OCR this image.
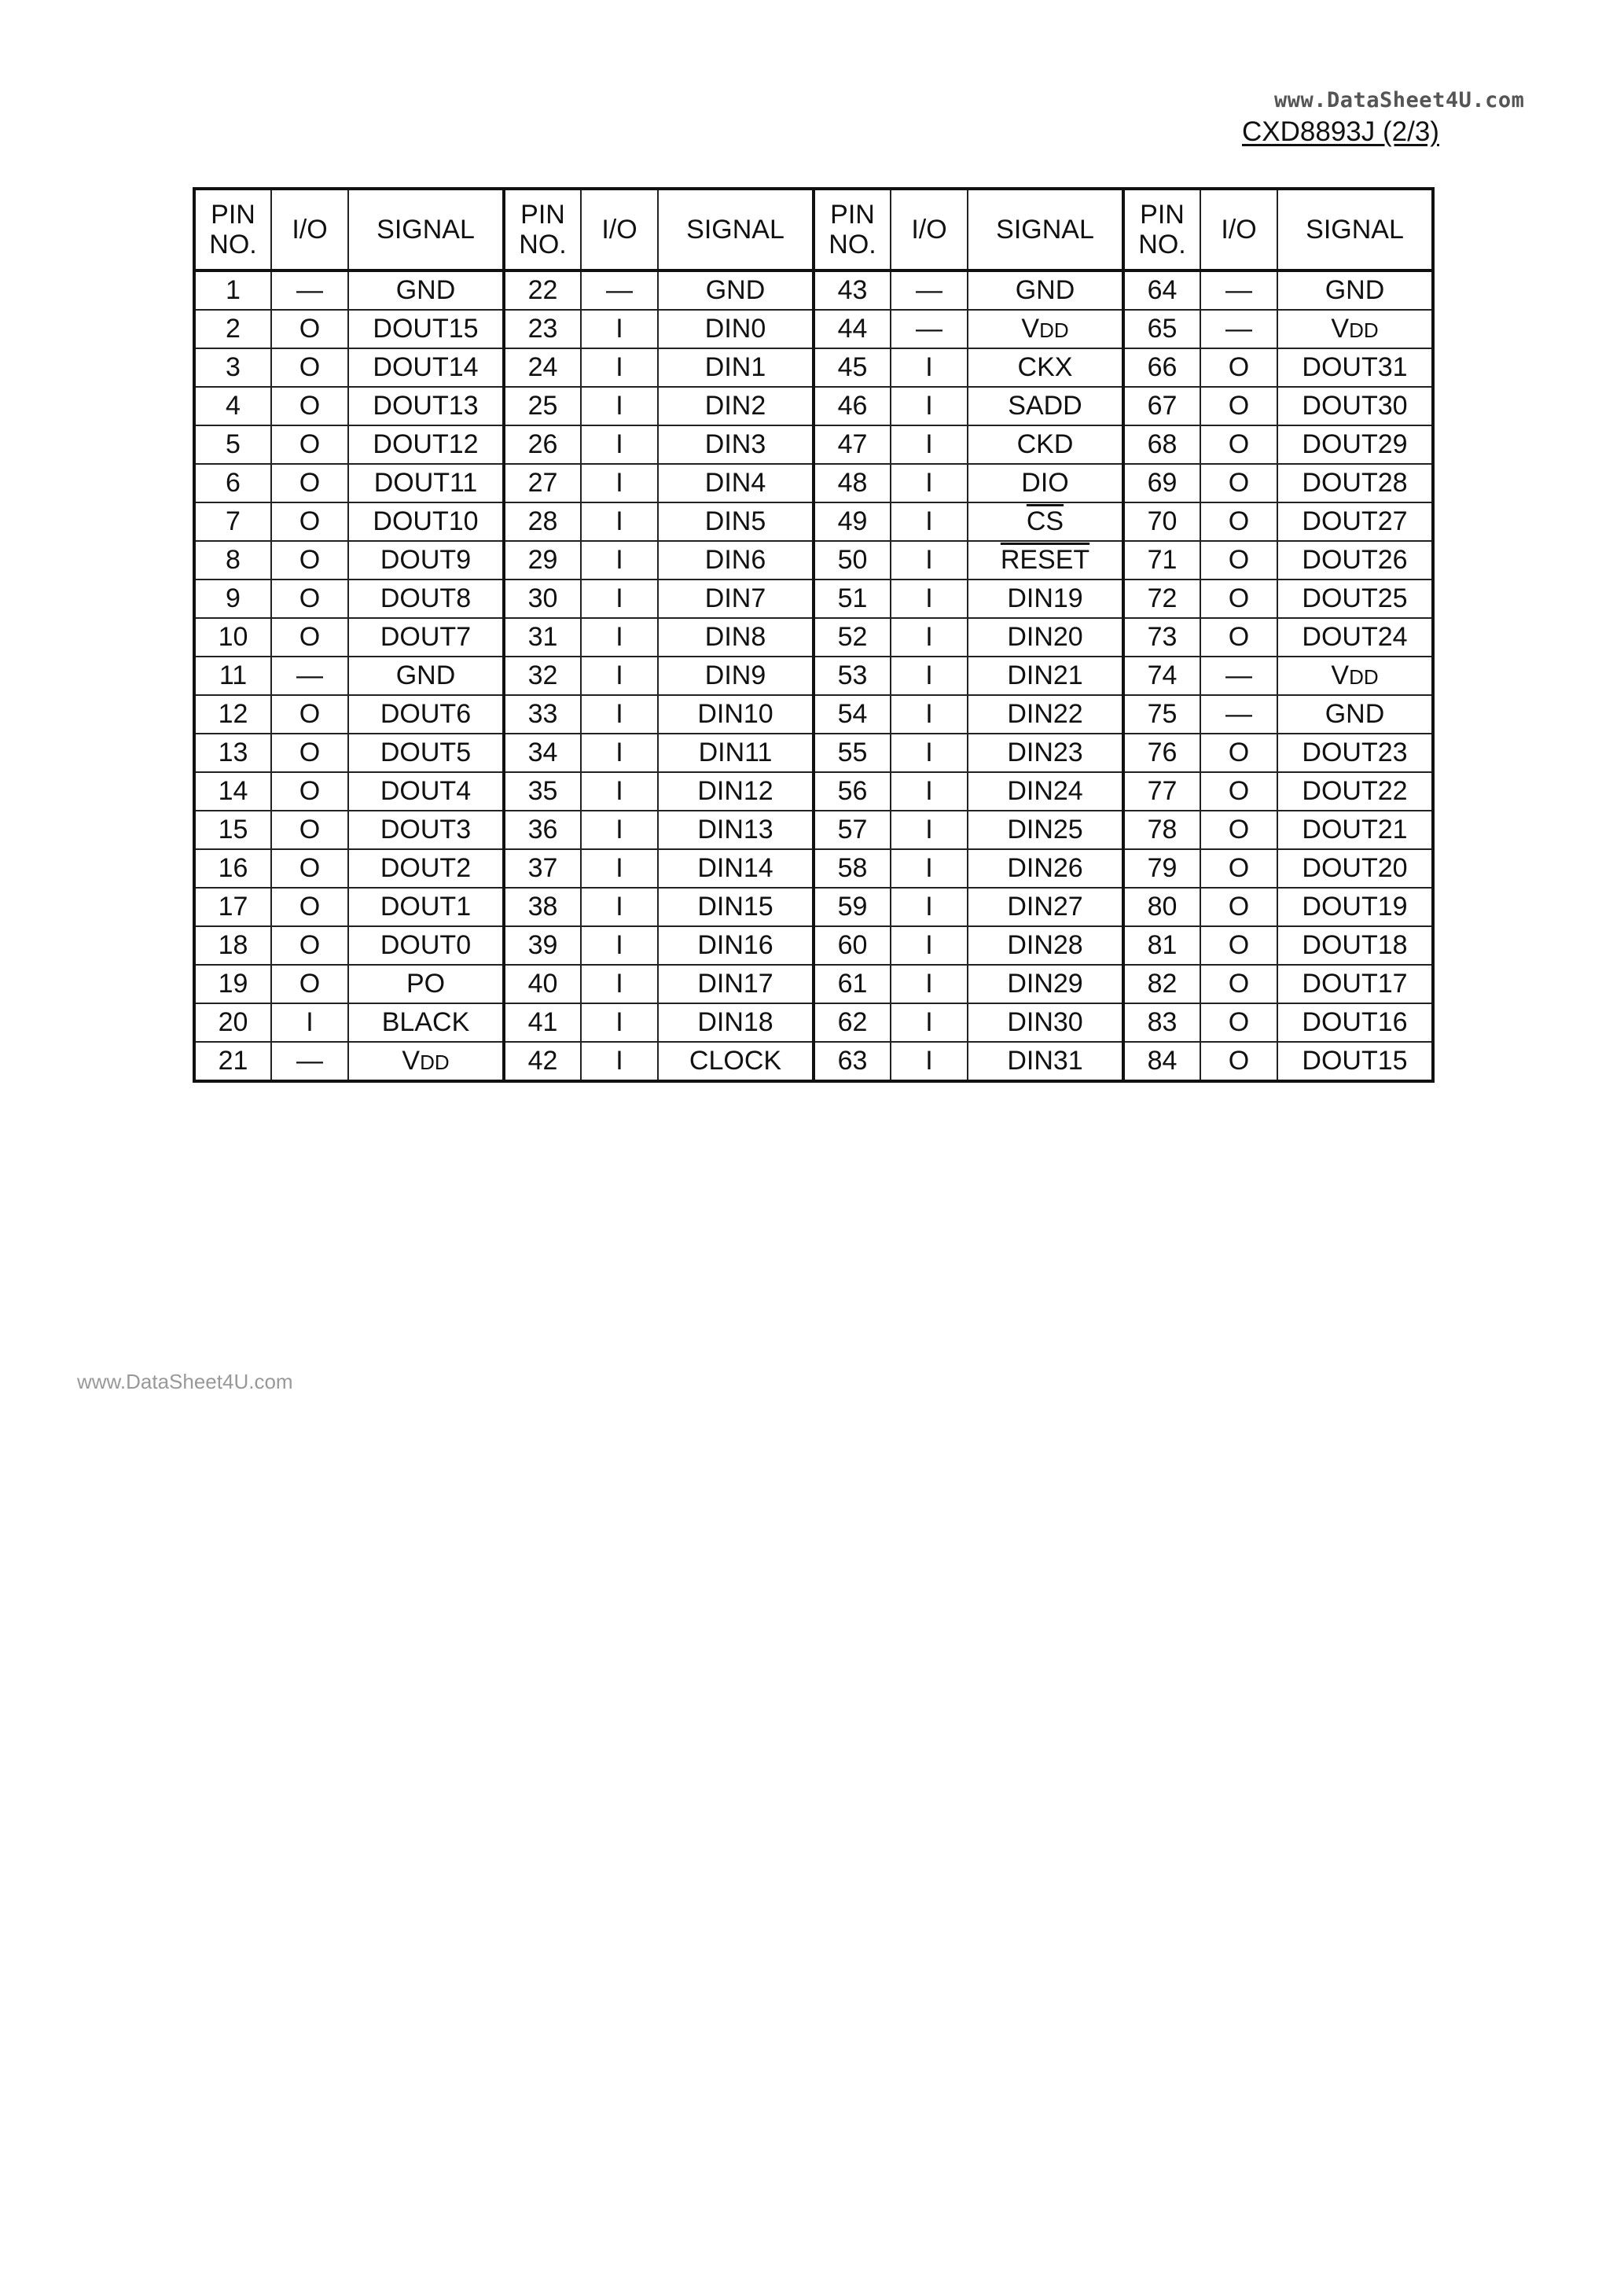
www.DataSheet4U.com
CXD8893J (2/3)
PIN NO.	I/O	SIGNAL	PIN NO.	I/O	SIGNAL	PIN NO.	I/O	SIGNAL	PIN NO.	I/O	SIGNAL
1	—	GND	22	—	GND	43	—	GND	64	—	GND
2	O	DOUT15	23	I	DIN0	44	—	VDD	65	—	VDD
3	O	DOUT14	24	I	DIN1	45	I	CKX	66	O	DOUT31
4	O	DOUT13	25	I	DIN2	46	I	SADD	67	O	DOUT30
5	O	DOUT12	26	I	DIN3	47	I	CKD	68	O	DOUT29
6	O	DOUT11	27	I	DIN4	48	I	DIO	69	O	DOUT28
7	O	DOUT10	28	I	DIN5	49	I	$\overline{CS}$	70	O	DOUT27
8	O	DOUT9	29	I	DIN6	50	I	RESET	71	O	DOUT26
9	O	DOUT8	30	I	DIN7	51	I	DIN19	72	O	DOUT25
10	O	DOUT7	31	I	DIN8	52	I	DIN20	73	O	DOUT24
11	—	GND	32	I	DIN9	53	I	DIN21	74	—	VDD
12	O	DOUT6	33	I	DIN10	54	I	DIN22	75	—	GND
13	O	DOUT5	34	I	DIN11	55	I	DIN23	76	O	DOUT23
14	O	DOUT4	35	I	DIN12	56	I	DIN24	77	O	DOUT22
15	O	DOUT3	36	I	DIN13	57	I	DIN25	78	O	DOUT21
16	O	DOUT2	37	I	DIN14	58	I	DIN26	79	O	DOUT20
17	O	DOUT1	38	I	DIN15	59	I	DIN27	80	O	DOUT19
18	O	DOUT0	39	I	DIN16	60	I	DIN28	81	O	DOUT18
19	O	PO	40	I	DIN17	61	I	DIN29	82	O	DOUT17
20	I	BLACK	41	I	DIN18	62	I	DIN30	83	O	DOUT16
21	—	VDD	42	I	CLOCK	63	I	DIN31	84	O	DOUT15
www.DataSheet4U.com
